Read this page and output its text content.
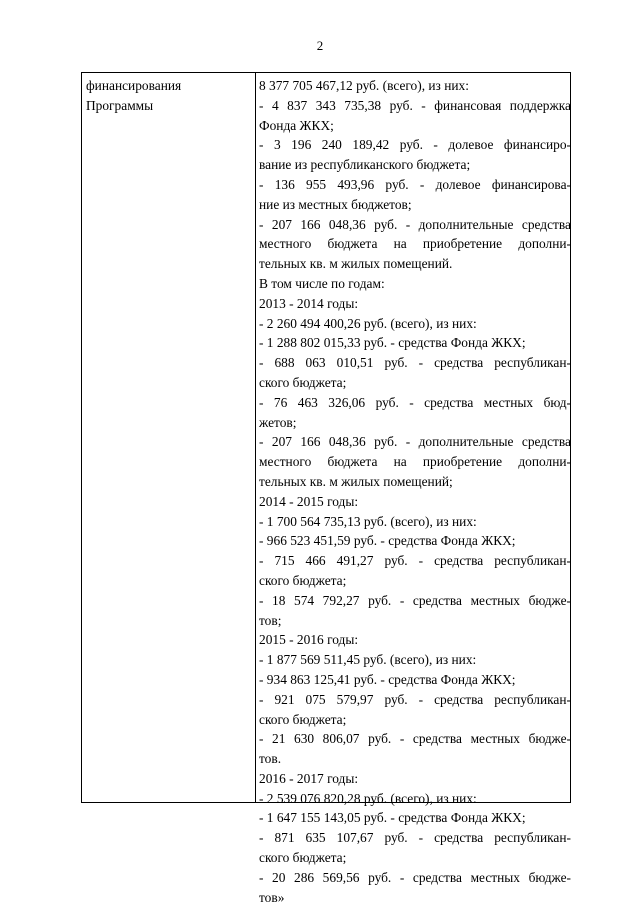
2
финансирования
Программы
8 377 705 467,12 руб. (всего), из них:
- 4 837 343 735,38 руб. - финансовая поддержка
Фонда ЖКХ;
- 3 196 240 189,42 руб. - долевое финансиро-
вание из республиканского бюджета;
- 136 955 493,96 руб. - долевое финансирова-
ние из местных бюджетов;
- 207 166 048,36 руб. - дополнительные средства
местного бюджета на приобретение дополни-
тельных кв. м жилых помещений.
В том числе по годам:
2013 - 2014 годы:
- 2 260 494 400,26 руб. (всего), из них:
- 1 288 802 015,33 руб. - средства Фонда ЖКХ;
- 688 063 010,51 руб. - средства республикан-
ского бюджета;
- 76 463 326,06 руб. - средства местных бюд-
жетов;
- 207 166 048,36 руб. - дополнительные средства
местного бюджета на приобретение дополни-
тельных кв. м жилых помещений;
2014 - 2015 годы:
- 1 700 564 735,13 руб. (всего), из них:
- 966 523 451,59 руб. - средства Фонда ЖКХ;
- 715 466 491,27 руб. - средства республикан-
ского бюджета;
- 18 574 792,27 руб. - средства местных бюдже-
тов;
2015 - 2016 годы:
- 1 877 569 511,45 руб. (всего), из них:
- 934 863 125,41 руб. - средства Фонда ЖКХ;
- 921 075 579,97 руб. - средства республикан-
ского бюджета;
- 21 630 806,07 руб. - средства местных бюдже-
тов.
2016 - 2017 годы:
- 2 539 076 820,28 руб. (всего), из них:
- 1 647 155 143,05 руб. - средства Фонда ЖКХ;
- 871 635 107,67 руб. - средства республикан-
ского бюджета;
- 20 286 569,56 руб. - средства местных бюдже-
тов»
